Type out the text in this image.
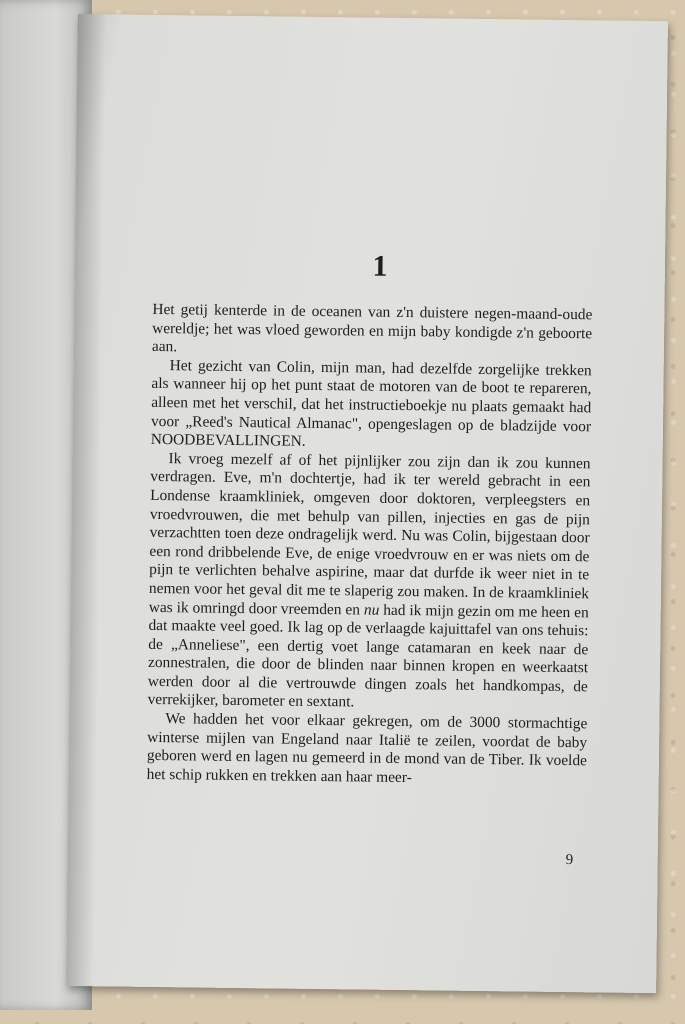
1

Het getij kenterde in de oceanen van z'n duistere negen-maand-oude wereldje; het was vloed geworden en mijn baby kondigde z'n geboorte aan.

Het gezicht van Colin, mijn man, had dezelfde zorgelijke trekken als wanneer hij op het punt staat de motoren van de boot te repareren, alleen met het verschil, dat het instructieboekje nu plaats gemaakt had voor „Reed's Nautical Almanac", opengeslagen op de bladzijde voor NOODBEVALLINGEN.

Ik vroeg mezelf af of het pijnlijker zou zijn dan ik zou kunnen verdragen. Eve, m'n dochtertje, had ik ter wereld gebracht in een Londense kraamkliniek, omgeven door doktoren, verpleegsters en vroedvrouwen, die met behulp van pillen, injecties en gas de pijn verzachtten toen deze ondragelijk werd. Nu was Colin, bijgestaan door een rond dribbelende Eve, de enige vroedvrouw en er was niets om de pijn te verlichten behalve aspirine, maar dat durfde ik weer niet in te nemen voor het geval dit me te slaperig zou maken. In de kraamkliniek was ik omringd door vreemden en nu had ik mijn gezin om me heen en dat maakte veel goed. Ik lag op de verlaagde kajuittafel van ons tehuis: de „Anneliese", een dertig voet lange catamaran en keek naar de zonnestralen, die door de blinden naar binnen kropen en weerkaatst werden door al die vertrouwde dingen zoals het handkompas, de verrekijker, barometer en sextant.

We hadden het voor elkaar gekregen, om de 3000 stormachtige winterse mijlen van Engeland naar Italië te zeilen, voordat de baby geboren werd en lagen nu gemeerd in de mond van de Tiber. Ik voelde het schip rukken en trekken aan haar meer-

9
